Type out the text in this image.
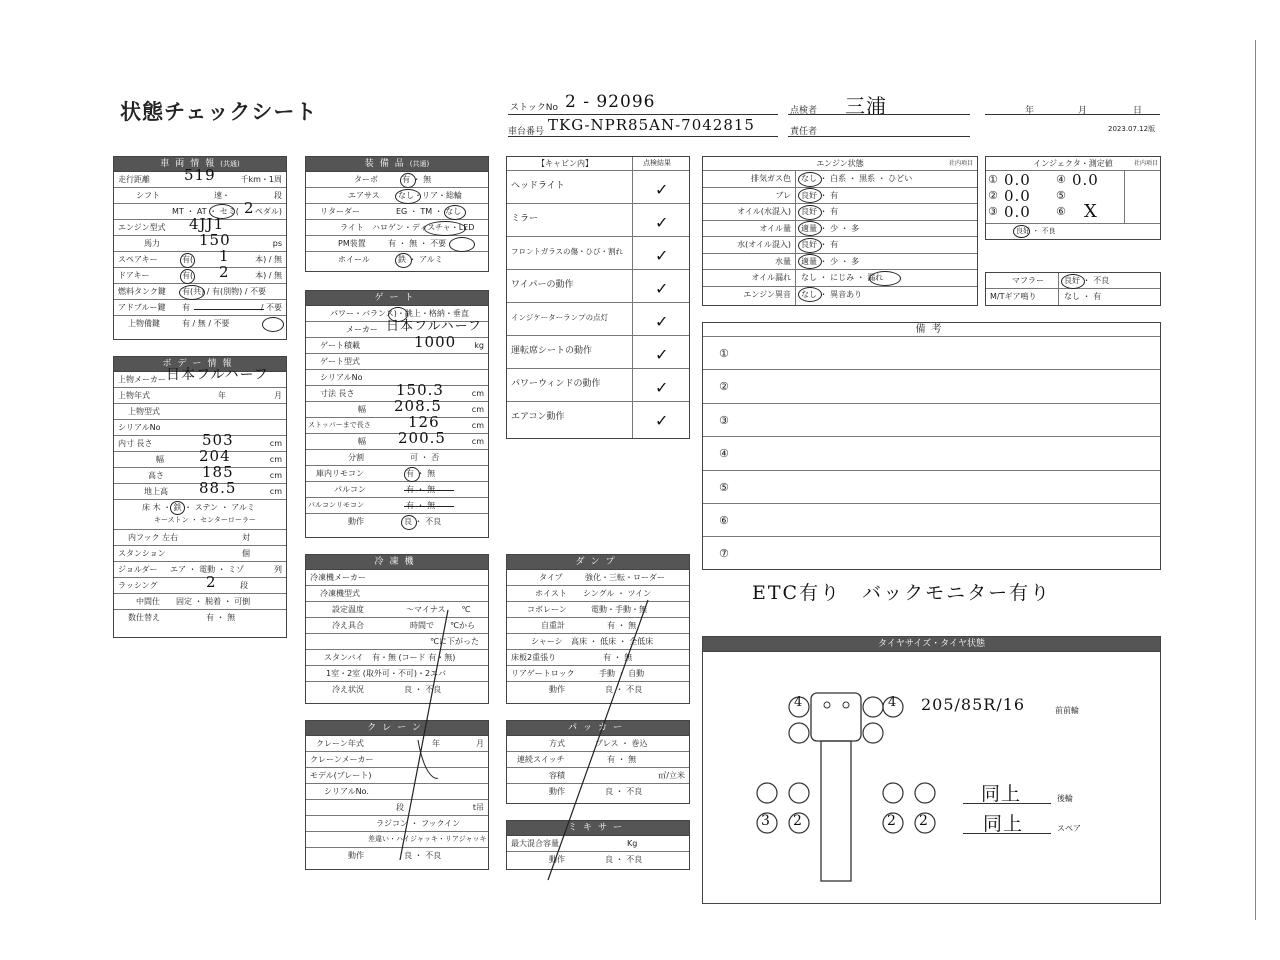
状態チェックシート	ストックNo 2 - 92096	点検者 三浦	年	月	日
車台番号 TKG-NPR85AN-7042815	責任者	2023.07.12版
車両情報(共通)
走行距離 519	千km・1周
シフト	速・	段
MT ・ AT ・ セミ( 2 ペダル)
エンジン型式 4JJ1
馬力	150	ps
スペアキー	有( 1	本) / 無
ドアキー	有( 2	本) / 無
燃料タンク鍵 有(共) / 有(別物) / 不要
アドブルー鍵 有	/ 不要
上物備鍵	有 / 無 / 不要
ボデー情報
上物メーカー 日本フルハーフ
上物年式	年	月
上物型式
シリアルNo
内寸 長さ	503	cm
幅 204	cm
高さ	185	cm
地上高 88.5	cm
床 木 ・ 鉄 ・ ステン ・ アルミ
キーストン ・ センターローラー
内フック 左右	対
スタンション	個
ジョルダー エア ・ 電動 ・ ミゾ	列
ラッシング	2	段
中間仕 固定 ・ 脱着 ・ 可倒
数仕替え	有 ・ 無
装備品(共通)
ターボ	有 ・ 無
エアサス なし・リア・総輪
リターダー	EG ・ TM ・ なし
ライト ハロゲン・ディスチャ・LED
PM装置	有 ・ 無 ・ 不要
ホイール	鉄 ・ アルミ
ゲート
パワー・バランス)・跳上・格納・垂直
メーカー 日本フルハーフ
ゲート積載	1000 kg
ゲート型式
シリアルNo
寸法 長さ	150.3	cm
幅 208.5	cm
ストッパーまで長さ 126	cm
幅 200.5	cm
分割	可 ・ 否
庫内リモコン	有 ・ 無
パルコン	有 ・ 無
パルコンリモコン	有 ・ 無
動作	良 ・ 不良
【キャビン内】	点検結果
ヘッドライト	✓
ミラー	✓
フロントガラスの傷・ひび・割れ ✓
ワイパーの動作	✓
インジケーターランプの点灯	✓
運転席シートの動作	✓
パワーウィンドの動作	✓
エアコン動作	✓
エンジン状態	社内項目
排気ガス色 なし ・ 白系 ・ 黒系 ・ ひどい
ブレ 良好 ・ 有
オイル(水混入) 良好 ・ 有
オイル量 適量 ・ 少 ・ 多
水(オイル混入) 良好 ・ 有
水量 適量 ・ 少 ・ 多
オイル漏れ なし ・ にじみ ・ 漏れ
エンジン異音 なし ・ 異音あり
インジェクタ・測定値	社内項目
① 0.0 ④ 0.0
② 0.0 ⑤
③ 0.0 ⑥ X
良好 ・ 不良
マフラー	良好 ・ 不良
M/Tギア鳴り	なし ・ 有
備考
①
②
③
④
⑤
⑥
⑦
ETC有り　バックモニター有り
タイヤサイズ・タイヤ状態
4	4 205/85R/16	前前輪
3 2	2 2
同上	後輪
同上	スペア
冷凍機
冷凍機メーカー
冷凍機型式
設定温度	〜マイナス　　℃
冷え具合	時間で　　℃から
℃に下がった
スタンバイ 有・無 (コード 有・無)
1室・2室 (取外可・不可)・2エバ
冷え状況	良 ・ 不良
ダンプ
タイプ	強化・三転・ローダー
ホイスト シングル ・ ツイン
コボレーン	電動・手動・無
自重計	有 ・ 無
シャーシ 高床 ・ 低床 ・ 全低床
床板2重張り	有 ・ 無
リアゲートロック	手動 ・ 自動
動作	良 ・ 不良
クレーン
クレーン年式	年	月
クレーンメーカー
モデル(プレート)
シリアルNo.
段	t吊
ラジコン ・ フックイン
差違い・ハイジャッキ・リアジャッキ
動作	良 ・ 不良
パッカー
方式	プレス ・ 巻込
連続スイッチ	有 ・ 無
容積	㎥/立米
動作	良 ・ 不良
ミキサー
最大混合容量	Kg
動作	良 ・ 不良
